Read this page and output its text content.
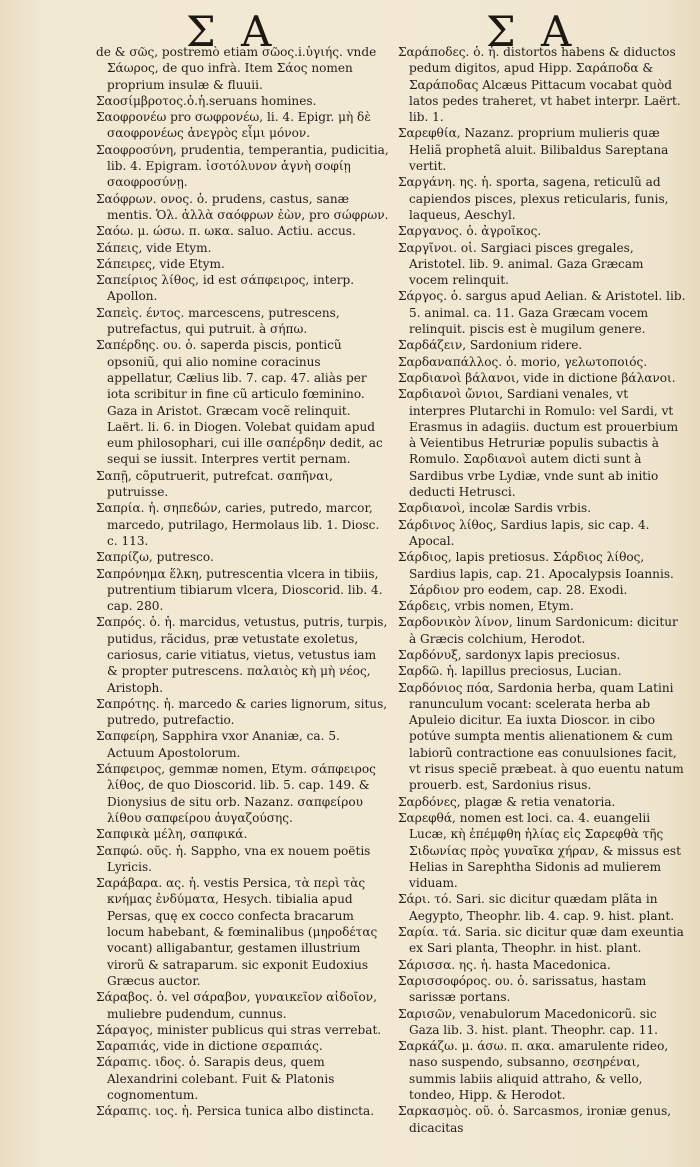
Σ Α	Σ Α

de & σῶς, postremò etiam σῶος.i.ὑγιής. vnde Σάωρος, de quo infrà. Item Σάος nomen proprium insulæ & fluuii.

Σαοσίμβροτος.ὁ.ἡ.seruans homines.

Σαοφρονέω pro σωφρονέω, li. 4. Epigr. μὴ δὲ σαοφρονέως ἀνεγρὸς εἶμι μόνον.

Σαοφροσύνη, prudentia, temperantia, pudicitia, lib. 4. Epigram. ἰσοτόλυνον ἁγνὴ σοφίῃ σαοφροσύνῃ.

Σαόφρων. ονος. ὁ. prudens, castus, sanæ mentis. Ὁλ. ἀλλὰ σαόφρων ἐὼν, pro σώφρων.

Σαόω. μ. ώσω. π. ωκα. saluo. Actiu. accus.

Σάπεις, vide Etym.

Σάπειρες, vide Etym.

Σαπείριος λίθος, id est σάπφειρος, interp. Apollon.

Σαπεὶς. έντος. marcescens, putrescens, putrefactus, qui putruit. à σήπω.

Σαπέρδης. ου. ὁ. saperda piscis, ponticũ opsoniũ, qui alio nomine coracinus appellatur, Cælius lib. 7. cap. 47. aliàs per iota scribitur in fine cũ articulo fœminino. Gaza in Aristot. Græcam vocẽ relinquit. Laërt. li. 6. in Diogen. Volebat quidam apud eum philosophari, cui ille σαπέρδην dedit, ac sequi se iussit. Interpres vertit pernam.

Σαπῇ, cõputruerit, putrefcat. σαπῆναι, putruisse.

Σαπρία. ἡ. σηπεδών, caries, putredo, marcor, marcedo, putrilago, Hermolaus lib. 1. Diosc. c. 113.

Σαπρίζω, putresco.

Σαπρόνημα ἕλκη, putrescentia vlcera in tibiis, putrentium tibiarum vlcera, Dioscorid. lib. 4. cap. 280.

Σαπρός. ὁ. ἡ. marcidus, vetustus, putris, turpis, putidus, rãcidus, præ vetustate exoletus, cariosus, carie vitiatus, vietus, vetustus iam & propter putrescens. παλαιὸς κὴ μὴ νέος, Aristoph.

Σαπρότης. ἡ. marcedo & caries lignorum, situs, putredo, putrefactio.

Σαπφείρη, Sapphira vxor Ananiæ, ca. 5. Actuum Apostolorum.

Σάπφειρος, gemmæ nomen, Etym. σάπφειρος λίθος, de quo Dioscorid. lib. 5. cap. 149. & Dionysius de situ orb. Nazanz. σαπφείρου λίθου σαπφείρου ἀυγαζούσης.

Σαπφικὰ μέλη, σαπφικά.

Σαπφώ. οῦς. ἡ. Sappho, vna ex nouem poëtis Lyricis.

Σαράβαρα. ας. ἡ. vestis Persica, τὰ περὶ τὰς κνήμας ἐνδύματα, Hesych. tibialia apud Persas, quę ex cocco confecta bracarum locum habebant, & fœminalibus (μηροδέτας vocant) alligabantur, gestamen illustrium virorũ & satraparum. sic exponit Eudoxius Græcus auctor.

Σάραβος. ὁ. vel σάραβον, γυναικεῖον αἰδοῖον, muliebre pudendum, cunnus.

Σάραγος, minister publicus qui stras verrebat.

Σαραπιάς, vide in dictione σεραπιάς.

Σάραπις. ιδος. ὁ. Sarapis deus, quem Alexandrini colebant. Fuit & Platonis cognomentum.

Σάραπις. ιος. ἡ. Persica tunica albo distincta.

Σαράποδες. ὁ. ἡ. distortos habens & diductos pedum digitos, apud Hipp. Σαράποδα & Σαράποδας Alcæus Pittacum vocabat quòd latos pedes traheret, vt habet interpr. Laërt. lib. 1.

Σαρεφθία, Nazanz. proprium mulieris quæ Heliã prophetã aluit. Bilibaldus Sareptana vertit.

Σαργάνη. ης. ἡ. sporta, sagena, reticulũ ad capiendos pisces, plexus reticularis, funis, laqueus, Aeschyl.

Σαργανος. ὁ. ἀγροῖκος.

Σαργῖνοι. οἱ. Sargiaci pisces gregales, Aristotel. lib. 9. animal. Gaza Græcam vocem relinquit.

Σάργος. ὁ. sargus apud Aelian. & Aristotel. lib. 5. animal. ca. 11. Gaza Græcam vocem relinquit. piscis est è mugilum genere.

Σαρδάζειν, Sardonium ridere.

Σαρδαναπάλλος. ὁ. morio, γελωτοποιός.

Σαρδιανοὶ βάλανοι, vide in dictione βάλανοι.

Σαρδιανοὶ ὤνιοι, Sardiani venales, vt interpres Plutarchi in Romulo: vel Sardi, vt Erasmus in adagiis. ductum est prouerbium à Veientibus Hetruriæ populis subactis à Romulo. Σαρδιανοὶ autem dicti sunt à Sardibus vrbe Lydiæ, vnde sunt ab initio deducti Hetrusci.

Σαρδιανοὶ, incolæ Sardis vrbis.

Σάρδινος λίθος, Sardius lapis, sic cap. 4. Apocal.

Σάρδιος, lapis pretiosus. Σάρδιος λίθος, Sardius lapis, cap. 21. Apocalypsis Ioannis. Σάρδιον pro eodem, cap. 28. Exodi.

Σάρδεις, vrbis nomen, Etym.

Σαρδονικὸν λίνον, linum Sardonicum: dicitur à Græcis colchium, Herodot.

Σαρδόνυξ, sardonyx lapis preciosus.

Σαρδῶ. ἡ. lapillus preciosus, Lucian.

Σαρδόνιος πόα, Sardonia herba, quam Latini ranunculum vocant: scelerata herba ab Apuleio dicitur. Ea iuxta Dioscor. in cibo potúve sumpta mentis alienationem & cum labiorũ contractione eas conuulsiones facit, vt risus speciẽ præbeat. à quo euentu natum prouerb. est, Sardonius risus.

Σαρδόνες, plagæ & retia venatoria.

Σαρεφθά, nomen est loci. ca. 4. euangelii Lucæ, κὴ ἐπέμφθη ἡλίας εἰς Σαρεφθὰ τῆς Σιδωνίας πρὸς γυναῖκα χήραν, & missus est Helias in Sarephtha Sidonis ad mulierem viduam.

Σάρι. τό. Sari. sic dicitur quædam plãta in Aegypto, Theophr. lib. 4. cap. 9. hist. plant.

Σαρία. τά. Saria. sic dicitur quæ dam exeuntia ex Sari planta, Theophr. in hist. plant.

Σάρισσα. ης. ἡ. hasta Macedonica.

Σαρισσοφόρος. ου. ὁ. sarissatus, hastam sarissæ portans.

Σαρισῶν, venabulorum Macedonicorũ. sic Gaza lib. 3. hist. plant. Theophr. cap. 11.

Σαρκάζω. μ. άσω. π. ακα. amarulente rideo, naso suspendo, subsanno, σεσηρέναι, summis labiis aliquid attraho, & vello, tondeo, Hipp. & Herodot.

Σαρκασμὸς. οῦ. ὁ. Sarcasmos, ironiæ genus, dicacitas
